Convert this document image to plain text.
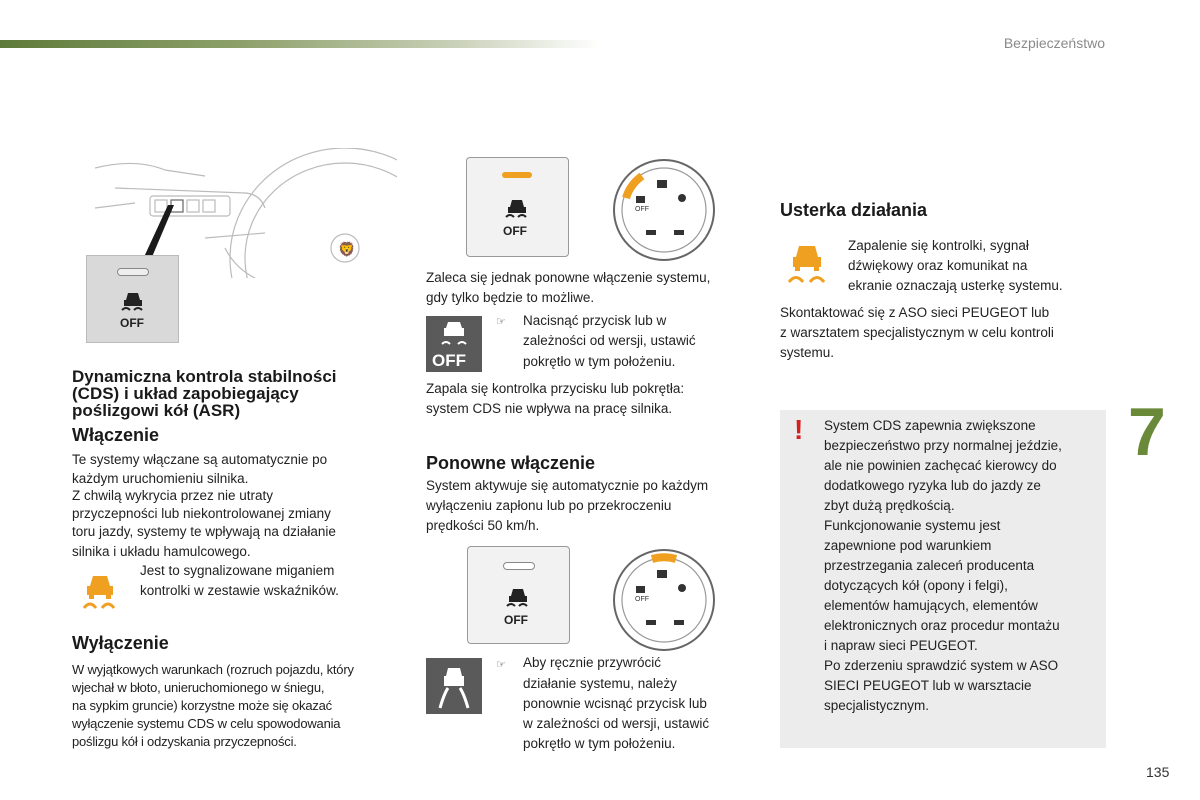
Bezpieczeństwo
7
135
🦁
OFF
Dynamiczna kontrola stabilności
(CDS) i układ zapobiegający
poślizgowi kół (ASR)
Włączenie
Te systemy włączane są automatycznie po
każdym uruchomieniu silnika.
Z chwilą wykrycia przez nie utraty
przyczepności lub niekontrolowanej zmiany
toru jazdy, systemy te wpływają na działanie
silnika i układu hamulcowego.
Jest to sygnalizowane miganiem
kontrolki w zestawie wskaźników.
Wyłączenie
W wyjątkowych warunkach (rozruch pojazdu, który
wjechał w błoto, unieruchomionego w śniegu,
na sypkim gruncie) korzystne może się okazać
wyłączenie systemu CDS w celu spowodowania
poślizgu kół i odzyskania przyczepności.
OFF
OFF
Zaleca się jednak ponowne włączenie systemu,
gdy tylko będzie to możliwe.
OFF
☞ Nacisnąć przycisk lub w
zależności od wersji, ustawić
pokrętło w tym położeniu.
Zapala się kontrolka przycisku lub pokrętła:
system CDS nie wpływa na pracę silnika.
Ponowne włączenie
System aktywuje się automatycznie po każdym
wyłączeniu zapłonu lub po przekroczeniu
prędkości 50 km/h.
OFF
OFF
☞ Aby ręcznie przywrócić
działanie systemu, należy
ponownie wcisnąć przycisk lub
w zależności od wersji, ustawić
pokrętło w tym położeniu.
Usterka działania
Zapalenie się kontrolki, sygnał
dźwiękowy oraz komunikat na
ekranie oznaczają usterkę systemu.
Skontaktować się z ASO sieci PEUGEOT lub
z warsztatem specjalistycznym w celu kontroli
systemu.
! System CDS zapewnia zwiększone
bezpieczeństwo przy normalnej jeździe,
ale nie powinien zachęcać kierowcy do
dodatkowego ryzyka lub do jazdy ze
zbyt dużą prędkością.
Funkcjonowanie systemu jest
zapewnione pod warunkiem
przestrzegania zaleceń producenta
dotyczących kół (opony i felgi),
elementów hamujących, elementów
elektronicznych oraz procedur montażu
i napraw sieci PEUGEOT.
Po zderzeniu sprawdzić system w ASO
SIECI PEUGEOT lub w warsztacie
specjalistycznym.
